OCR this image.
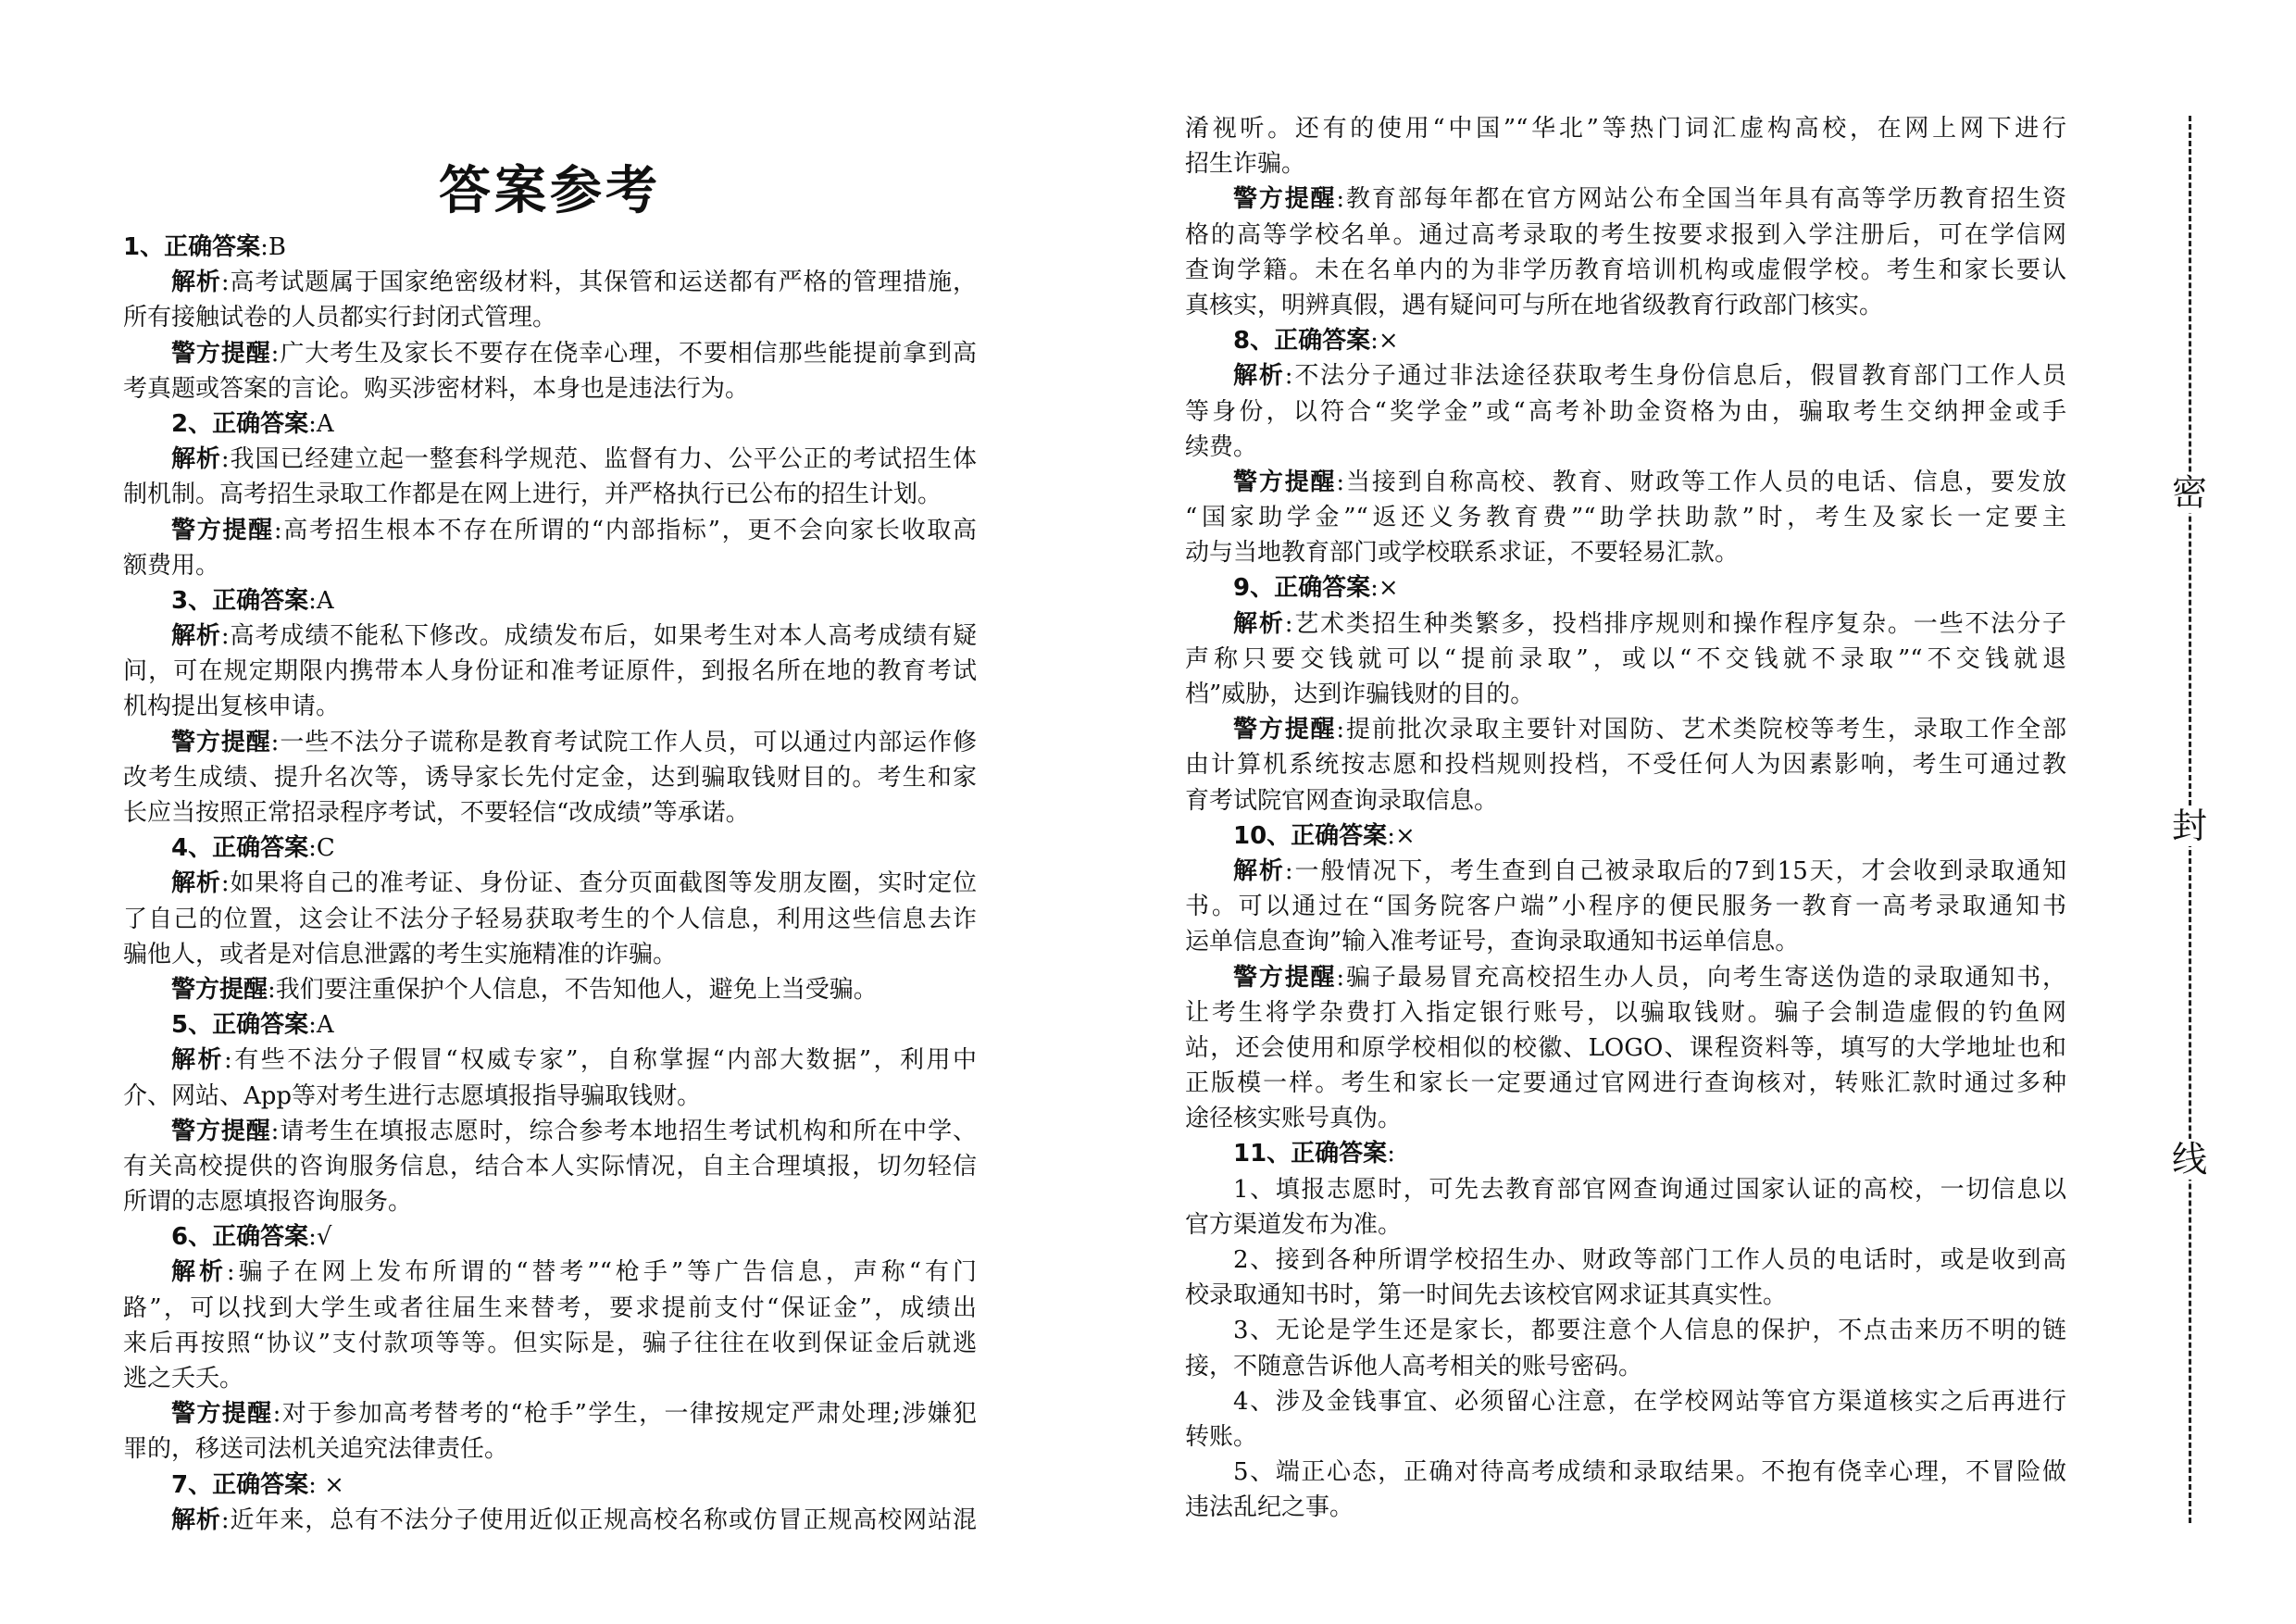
答案参考
1、正确答案:B
解析:高考试题属于国家绝密级材料，其保管和运送都有严格的管理措施，
所有接触试卷的人员都实行封闭式管理。
警方提醒:广大考生及家长不要存在侥幸心理，不要相信那些能提前拿到高
考真题或答案的言论。购买涉密材料，本身也是违法行为。
2、正确答案:A
解析:我国已经建立起一整套科学规范、监督有力、公平公正的考试招生体
制机制。高考招生录取工作都是在网上进行，并严格执行已公布的招生计划。
警方提醒:高考招生根本不存在所谓的“内部指标”，更不会向家长收取高
额费用。
3、正确答案:A
解析:高考成绩不能私下修改。成绩发布后，如果考生对本人高考成绩有疑
问，可在规定期限内携带本人身份证和准考证原件，到报名所在地的教育考试
机构提出复核申请。
警方提醒:一些不法分子谎称是教育考试院工作人员，可以通过内部运作修
改考生成绩、提升名次等，诱导家长先付定金，达到骗取钱财目的。考生和家
长应当按照正常招录程序考试，不要轻信“改成绩”等承诺。
4、正确答案:C
解析:如果将自己的准考证、身份证、查分页面截图等发朋友圈，实时定位
了自己的位置，这会让不法分子轻易获取考生的个人信息，利用这些信息去诈
骗他人，或者是对信息泄露的考生实施精准的诈骗。
警方提醒:我们要注重保护个人信息，不告知他人，避免上当受骗。
5、正确答案:A
解析:有些不法分子假冒“权威专家”，自称掌握“内部大数据”，利用中
介、网站、App等对考生进行志愿填报指导骗取钱财。
警方提醒:请考生在填报志愿时，综合参考本地招生考试机构和所在中学、
有关高校提供的咨询服务信息，结合本人实际情况，自主合理填报，切勿轻信
所谓的志愿填报咨询服务。
6、正确答案:√
解析:骗子在网上发布所谓的“替考”“枪手”等广告信息，声称“有门
路”，可以找到大学生或者往届生来替考，要求提前支付“保证金”，成绩出
来后再按照“协议”支付款项等等。但实际是，骗子往往在收到保证金后就逃
逃之夭夭。
警方提醒:对于参加高考替考的“枪手”学生，一律按规定严肃处理;涉嫌犯
罪的，移送司法机关追究法律责任。
7、正确答案: ×
解析:近年来，总有不法分子使用近似正规高校名称或仿冒正规高校网站混
淆视听。还有的使用“中国”“华北”等热门词汇虚构高校，在网上网下进行
招生诈骗。
警方提醒:教育部每年都在官方网站公布全国当年具有高等学历教育招生资
格的高等学校名单。通过高考录取的考生按要求报到入学注册后，可在学信网
查询学籍。未在名单内的为非学历教育培训机构或虚假学校。考生和家长要认
真核实，明辨真假，遇有疑问可与所在地省级教育行政部门核实。
8、正确答案:×
解析:不法分子通过非法途径获取考生身份信息后，假冒教育部门工作人员
等身份，以符合“奖学金”或“高考补助金资格为由，骗取考生交纳押金或手
续费。
警方提醒:当接到自称高校、教育、财政等工作人员的电话、信息，要发放
“国家助学金”“返还义务教育费”“助学扶助款”时，考生及家长一定要主
动与当地教育部门或学校联系求证，不要轻易汇款。
9、正确答案:×
解析:艺术类招生种类繁多，投档排序规则和操作程序复杂。一些不法分子
声称只要交钱就可以“提前录取”，或以“不交钱就不录取”“不交钱就退
档”威胁，达到诈骗钱财的目的。
警方提醒:提前批次录取主要针对国防、艺术类院校等考生，录取工作全部
由计算机系统按志愿和投档规则投档，不受任何人为因素影响，考生可通过教
育考试院官网查询录取信息。
10、正确答案:×
解析:一般情况下，考生查到自己被录取后的7到15天，才会收到录取通知
书。可以通过在“国务院客户端”小程序的便民服务一教育一高考录取通知书
运单信息查询”输入准考证号，查询录取通知书运单信息。
警方提醒:骗子最易冒充高校招生办人员，向考生寄送伪造的录取通知书，
让考生将学杂费打入指定银行账号，以骗取钱财。骗子会制造虚假的钓鱼网
站，还会使用和原学校相似的校徽、LOGO、课程资料等，填写的大学地址也和
正版模一样。考生和家长一定要通过官网进行查询核对，转账汇款时通过多种
途径核实账号真伪。
11、正确答案:
1、填报志愿时，可先去教育部官网查询通过国家认证的高校，一切信息以
官方渠道发布为准。
2、接到各种所谓学校招生办、财政等部门工作人员的电话时，或是收到高
校录取通知书时，第一时间先去该校官网求证其真实性。
3、无论是学生还是家长，都要注意个人信息的保护，不点击来历不明的链
接，不随意告诉他人高考相关的账号密码。
4、涉及金钱事宜、必须留心注意，在学校网站等官方渠道核实之后再进行
转账。
5、端正心态，正确对待高考成绩和录取结果。不抱有侥幸心理，不冒险做
违法乱纪之事。
密
封
线
